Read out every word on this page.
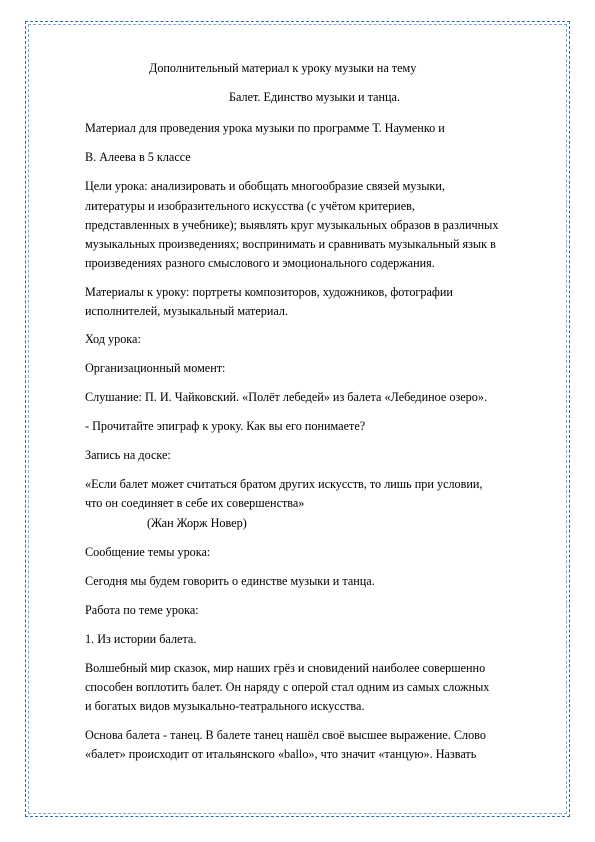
Дополнительный материал к уроку музыки на тему
Балет. Единство музыки и танца.
Материал для проведения урока музыки по программе Т. Науменко и
В. Алеева в 5 классе
Цели урока: анализировать и обобщать многообразие связей музыки,
литературы и изобразительного искусства (с учётом критериев,
представленных в учебнике); выявлять круг музыкальных образов в различных
музыкальных произведениях; воспринимать и сравнивать музыкальный язык в
произведениях разного смыслового и эмоционального содержания.
Материалы к уроку: портреты композиторов, художников, фотографии
исполнителей, музыкальный материал.
Ход урока:
Организационный момент:
Слушание: П. И. Чайковский. «Полёт лебедей» из балета «Лебединое озеро».
- Прочитайте эпиграф к уроку. Как вы его понимаете?
Запись на доске:
«Если балет может считаться братом других искусств, то лишь при условии,
что он соединяет в себе их совершенства»
(Жан Жорж Новер)
Сообщение темы урока:
Сегодня мы будем говорить о единстве музыки и танца.
Работа по теме урока:
1. Из истории балета.
Волшебный мир сказок, мир наших грёз и сновидений наиболее совершенно
способен воплотить балет. Он наряду с оперой стал одним из самых сложных
и богатых видов музыкально-театрального искусства.
Основа балета - танец. В балете танец нашёл своё высшее выражение. Слово
«балет» происходит от итальянского «ballo», что значит «танцую». Назвать
